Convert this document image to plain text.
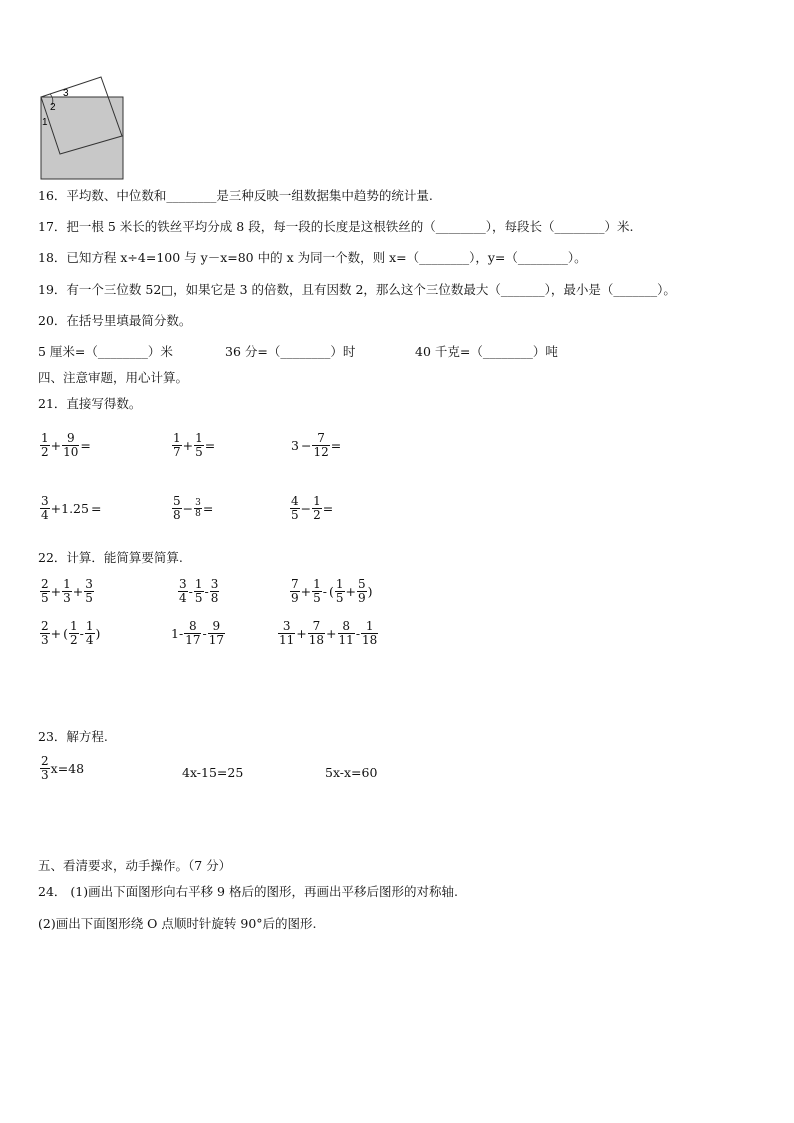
3
2
1
16．平均数、中位数和________是三种反映一组数据集中趋势的统计量.
17．把一根 5 米长的铁丝平均分成 8 段，每一段的长度是这根铁丝的（________），每段长（________）米.
18．已知方程 x÷4=100 与 y－x=80 中的 x 为同一个数，则 x=（________），y=（________）。
19．有一个三位数 52□，如果它是 3 的倍数，且有因数 2，那么这个三位数最大（_______），最小是（_______）。
20．在括号里填最简分数。
5 厘米=（________）米	36 分=（________）时	40 千克=（________）吨
四、注意审题，用心计算。
21．直接写得数。
$\frac{1}{2} + \frac{9}{10}$ =	$\frac{1}{7} + \frac{1}{5}$ =	$3 - \frac{7}{12}$ =
$\frac{3}{4} +1.25$ =	$\frac{5}{8} - \frac{3}{8}$ =	$\frac{4}{5} - \frac{1}{2}$ =
22．计算．能简算要简算.
$\frac{2}{5} + \frac{1}{3} + \frac{3}{5}$	$\frac{3}{4} - \frac{1}{5} - \frac{3}{8}$	$\frac{7}{9} + \frac{1}{5}$ - ( $\frac{1}{5} + \frac{5}{9}$ )
$\frac{2}{3}$ + ( $\frac{1}{2} - \frac{1}{4}$ )	$1- \frac{8}{17} - \frac{9}{17}$	$\frac{3}{11} + \frac{7}{18} + \frac{8}{11} - \frac{1}{18}$
23．解方程.
$\frac{2}{3} x=48$	4x-15=25	5x-x=60
五、看清要求，动手操作。（7 分）
24． (1)画出下面图形向右平移 9 格后的图形，再画出平移后图形的对称轴.
(2)画出下面图形绕 O 点顺时针旋转 90°后的图形.
